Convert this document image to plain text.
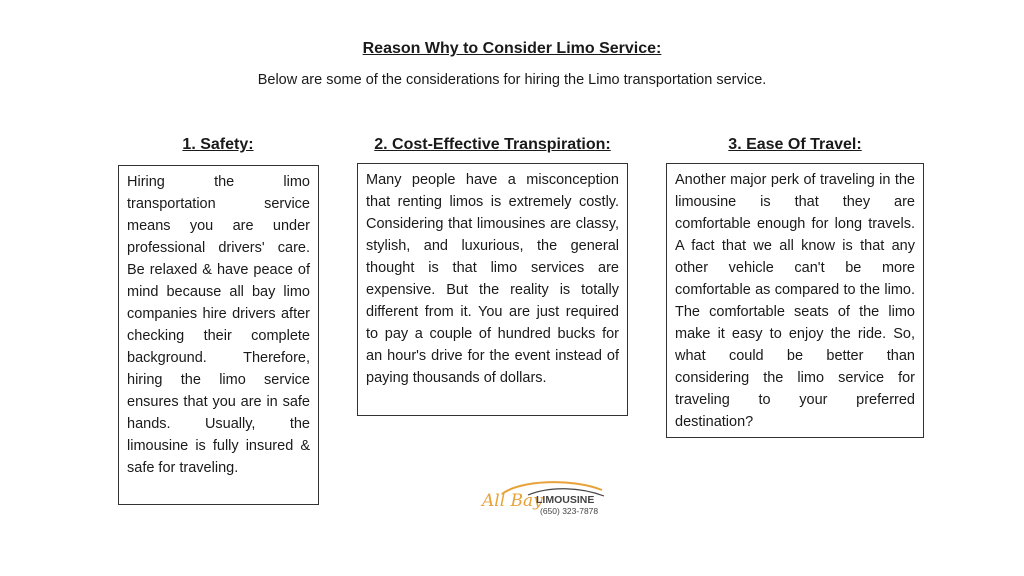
Reason Why to Consider Limo Service:
Below are some of the considerations for hiring the Limo transportation service.
1. Safety:
Hiring the limo transportation service means you are under professional drivers' care. Be relaxed & have peace of mind because all bay limo companies hire drivers after checking their complete background. Therefore, hiring the limo service ensures that you are in safe hands. Usually, the limousine is fully insured & safe for traveling.
2. Cost-Effective Transpiration:
Many people have a misconception that renting limos is extremely costly. Considering that limousines are classy, stylish, and luxurious, the general thought is that limo services are expensive. But the reality is totally different from it. You are just required to pay a couple of hundred bucks for an hour's drive for the event instead of paying thousands of dollars.
3. Ease Of Travel:
Another major perk of traveling in the limousine is that they are comfortable enough for long travels. A fact that we all know is that any other vehicle can't be more comfortable as compared to the limo. The comfortable seats of the limo make it easy to enjoy the ride. So, what could be better than considering the limo service for traveling to your preferred destination?
All Bay
LIMOUSINE
(650) 323-7878
